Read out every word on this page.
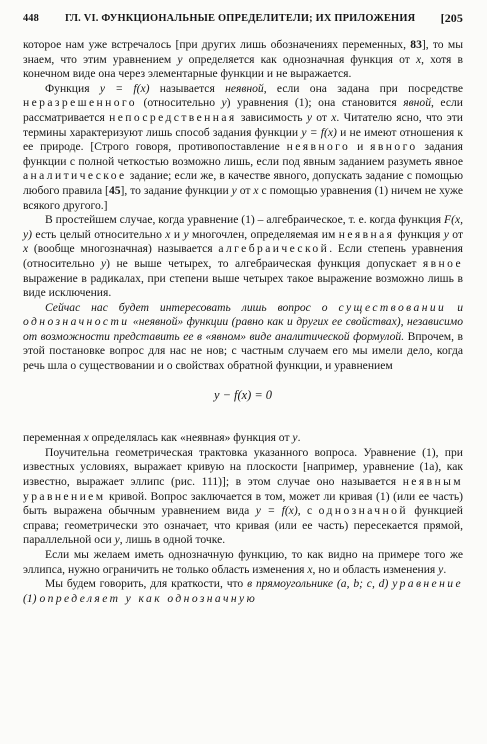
448	ГЛ. VI. ФУНКЦИОНАЛЬНЫЕ ОПРЕДЕЛИТЕЛИ; ИХ ПРИЛОЖЕНИЯ [205

которое нам уже встречалось [при других лишь обозначениях переменных, 83], то мы знаем, что этим уравнением y определяется как однозначная функция от x, хотя в конечном виде она через элементарные функции и не выражается.

Функция y = f(x) называется неявной, если она задана при посредстве неразрешенного (относительно y) уравнения (1); она становится явной, если рассматривается непосредственная зависимость y от x. Читателю ясно, что эти термины характеризуют лишь способ задания функции y = f(x) и не имеют отношения к ее природе. [Строго говоря, противопоставление неявного и явного задания функции с полной четкостью возможно лишь, если под явным заданием разуметь явное аналитическое задание; если же, в качестве явного, допускать задание с помощью любого правила [45], то задание функции y от x с помощью уравнения (1) ничем не хуже всякого другого.]

В простейшем случае, когда уравнение (1) – алгебраическое, т. е. когда функция F(x, y) есть целый относительно x и y многочлен, определяемая им неявная функция y от x (вообще многозначная) называется алгебраической. Если степень уравнения (относительно y) не выше четырех, то алгебраическая функция допускает явное выражение в радикалах, при степени выше четырех такое выражение возможно лишь в виде исключения.

Сейчас нас будет интересовать лишь вопрос о существовании и однозначности «неявной» функции (равно как и других ее свойствах), независимо от возможности представить ее в «явном» виде аналитической формулой. Впрочем, в этой постановке вопрос для нас не нов; с частным случаем его мы имели дело, когда речь шла о существовании и о свойствах обратной функции, и уравнением

y − f(x) = 0

переменная x определялась как «неявная» функция от y.

Поучительна геометрическая трактовка указанного вопроса. Уравнение (1), при известных условиях, выражает кривую на плоскости [например, уравнение (1а), как известно, выражает эллипс (рис. 111)]; в этом случае оно называется неявным уравнением кривой. Вопрос заключается в том, может ли кривая (1) (или ее часть) быть выражена обычным уравнением вида y = f(x), с однозначной функцией справа; геометрически это означает, что кривая (или ее часть) пересекается прямой, параллельной оси y, лишь в одной точке.

Если мы желаем иметь однозначную функцию, то как видно на примере того же эллипса, нужно ограничить не только область изменения x, но и область изменения y.

Мы будем говорить, для краткости, что в прямоугольнике (a, b; c, d) уравнение (1) определяет у как однозначную
